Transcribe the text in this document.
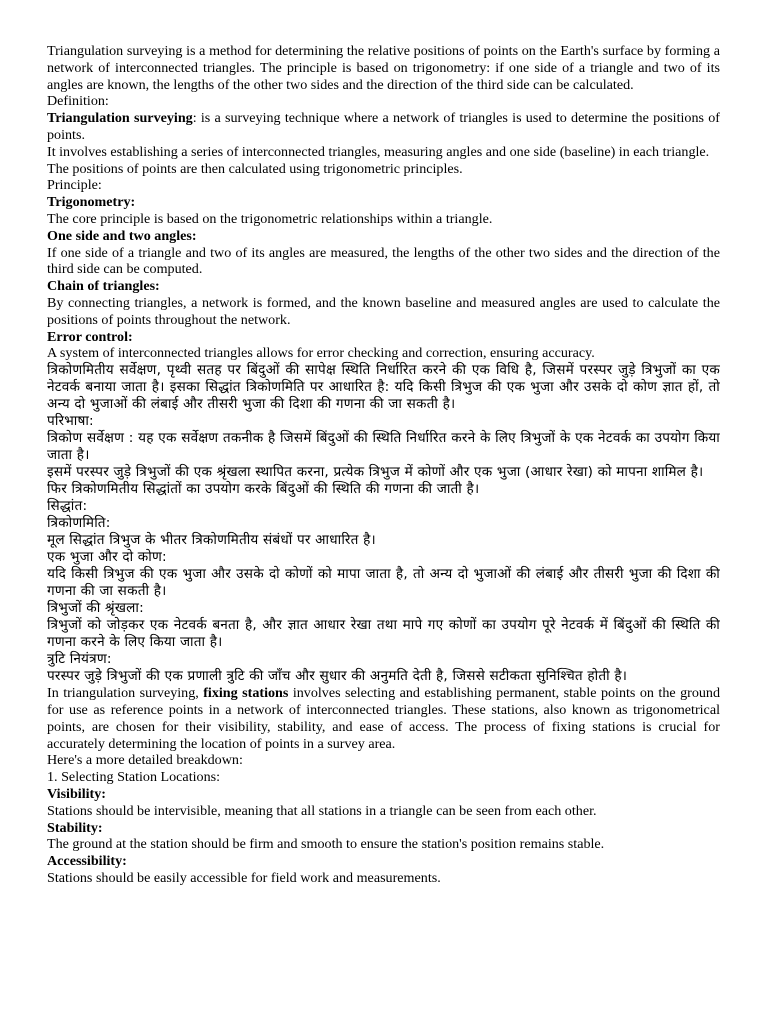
Triangulation surveying is a method for determining the relative positions of points on the Earth's surface by forming a network of interconnected triangles. The principle is based on trigonometry: if one side of a triangle and two of its angles are known, the lengths of the other two sides and the direction of the third side can be calculated.

Definition:

Triangulation surveying: is a surveying technique where a network of triangles is used to determine the positions of points.

It involves establishing a series of interconnected triangles, measuring angles and one side (baseline) in each triangle.

The positions of points are then calculated using trigonometric principles.

Principle:

Trigonometry:

The core principle is based on the trigonometric relationships within a triangle.

One side and two angles:

If one side of a triangle and two of its angles are measured, the lengths of the other two sides and the direction of the third side can be computed.

Chain of triangles:

By connecting triangles, a network is formed, and the known baseline and measured angles are used to calculate the positions of points throughout the network.

Error control:

A system of interconnected triangles allows for error checking and correction, ensuring accuracy.

त्रिकोणमितीय सर्वेक्षण, पृथ्वी सतह पर बिंदुओं की सापेक्ष स्थिति निर्धारित करने की एक विधि है, जिसमें परस्पर जुड़े त्रिभुजों का एक नेटवर्क बनाया जाता है। इसका सिद्धांत त्रिकोणमिति पर आधारित है: यदि किसी त्रिभुज की एक भुजा और उसके दो कोण ज्ञात हों, तो अन्य दो भुजाओं की लंबाई और तीसरी भुजा की दिशा की गणना की जा सकती है।

परिभाषा:

त्रिकोण सर्वेक्षण : यह एक सर्वेक्षण तकनीक है जिसमें बिंदुओं की स्थिति निर्धारित करने के लिए त्रिभुजों के एक नेटवर्क का उपयोग किया जाता है।

इसमें परस्पर जुड़े त्रिभुजों की एक श्रृंखला स्थापित करना, प्रत्येक त्रिभुज में कोणों और एक भुजा (आधार रेखा) को मापना शामिल है।

फिर त्रिकोणमितीय सिद्धांतों का उपयोग करके बिंदुओं की स्थिति की गणना की जाती है।

सिद्धांत:

त्रिकोणमिति:

मूल सिद्धांत त्रिभुज के भीतर त्रिकोणमितीय संबंधों पर आधारित है।

एक भुजा और दो कोण:

यदि किसी त्रिभुज की एक भुजा और उसके दो कोणों को मापा जाता है, तो अन्य दो भुजाओं की लंबाई और तीसरी भुजा की दिशा की गणना की जा सकती है।

त्रिभुजों की श्रृंखला:

त्रिभुजों को जोड़कर एक नेटवर्क बनता है, और ज्ञात आधार रेखा तथा मापे गए कोणों का उपयोग पूरे नेटवर्क में बिंदुओं की स्थिति की गणना करने के लिए किया जाता है।

त्रुटि नियंत्रण:

परस्पर जुड़े त्रिभुजों की एक प्रणाली त्रुटि की जाँच और सुधार की अनुमति देती है, जिससे सटीकता सुनिश्चित होती है।

In triangulation surveying, fixing stations involves selecting and establishing permanent, stable points on the ground for use as reference points in a network of interconnected triangles. These stations, also known as trigonometrical points, are chosen for their visibility, stability, and ease of access. The process of fixing stations is crucial for accurately determining the location of points in a survey area.

Here's a more detailed breakdown:

1. Selecting Station Locations:

Visibility:

Stations should be intervisible, meaning that all stations in a triangle can be seen from each other.

Stability:

The ground at the station should be firm and smooth to ensure the station's position remains stable.

Accessibility:

Stations should be easily accessible for field work and measurements.
